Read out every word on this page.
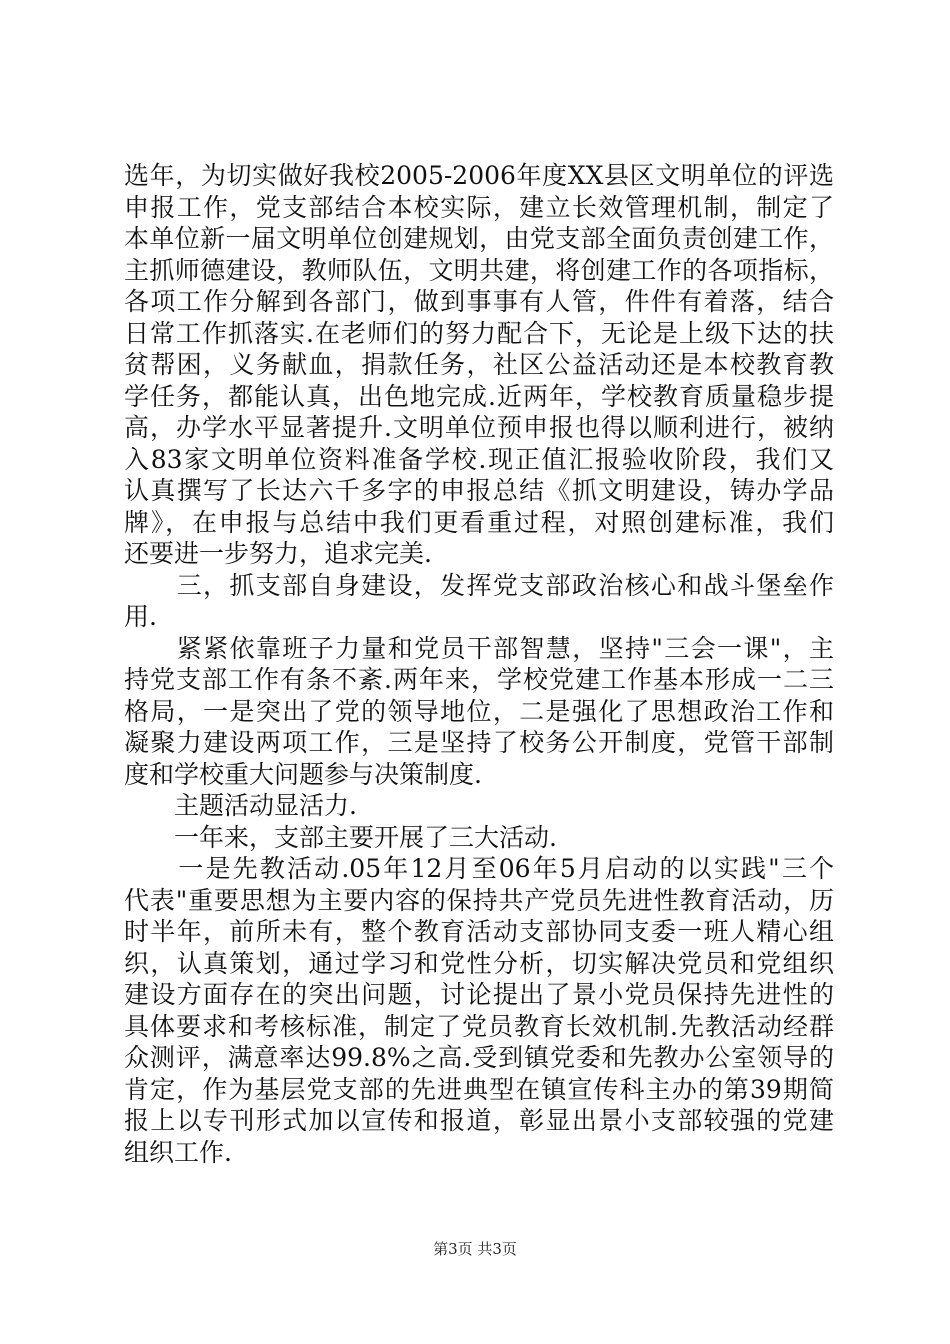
选年，为切实做好我校2005-2006年度XX县区文明单位的评选
申报工作，党支部结合本校实际，建立长效管理机制，制定了
本单位新一届文明单位创建规划，由党支部全面负责创建工作，
主抓师德建设，教师队伍，文明共建，将创建工作的各项指标，
各项工作分解到各部门，做到事事有人管，件件有着落，结合
日常工作抓落实.在老师们的努力配合下，无论是上级下达的扶
贫帮困，义务献血，捐款任务，社区公益活动还是本校教育教
学任务，都能认真，出色地完成.近两年，学校教育质量稳步提
高，办学水平显著提升.文明单位预申报也得以顺利进行，被纳
入83家文明单位资料准备学校.现正值汇报验收阶段，我们又
认真撰写了长达六千多字的申报总结《抓文明建设，铸办学品
牌》，在申报与总结中我们更看重过程，对照创建标准，我们
还要进一步努力，追求完美.
　　三，抓支部自身建设，发挥党支部政治核心和战斗堡垒作
用.
　　紧紧依靠班子力量和党员干部智慧，坚持"三会一课"，主
持党支部工作有条不紊.两年来，学校党建工作基本形成一二三
格局，一是突出了党的领导地位，二是强化了思想政治工作和
凝聚力建设两项工作，三是坚持了校务公开制度，党管干部制
度和学校重大问题参与决策制度.
　　主题活动显活力.
　　一年来，支部主要开展了三大活动.
　　一是先教活动.05年12月至06年5月启动的以实践"三个
代表"重要思想为主要内容的保持共产党员先进性教育活动，历
时半年，前所未有，整个教育活动支部协同支委一班人精心组
织，认真策划，通过学习和党性分析，切实解决党员和党组织
建设方面存在的突出问题，讨论提出了景小党员保持先进性的
具体要求和考核标准，制定了党员教育长效机制.先教活动经群
众测评，满意率达99.8%之高.受到镇党委和先教办公室领导的
肯定，作为基层党支部的先进典型在镇宣传科主办的第39期简
报上以专刊形式加以宣传和报道，彰显出景小支部较强的党建
组织工作.
第3页 共3页
